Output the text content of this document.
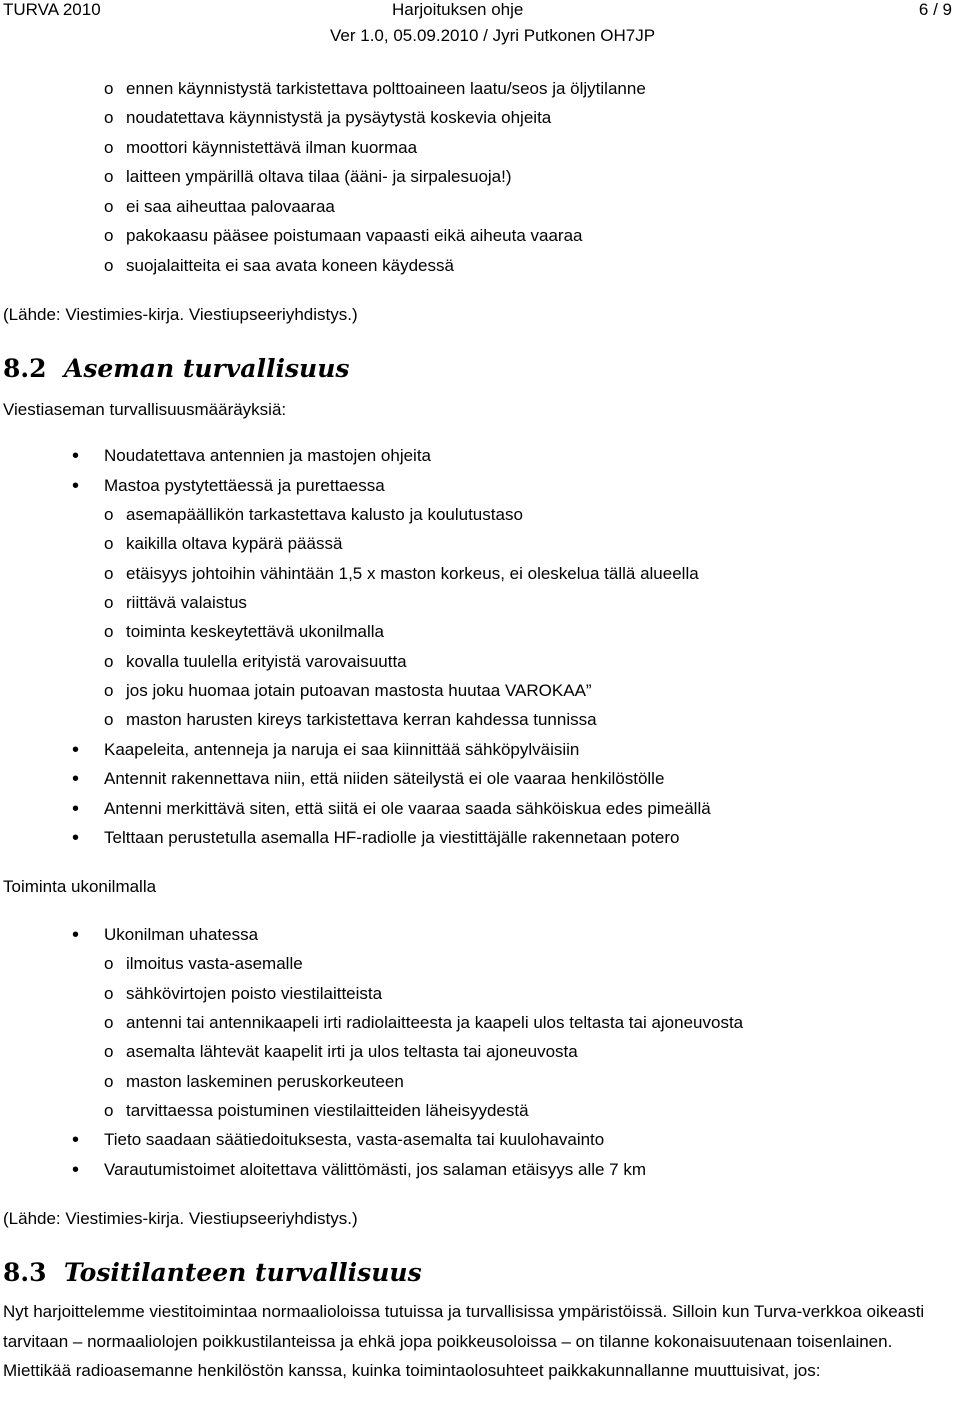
TURVA 2010	Harjoituksen ohje	6 / 9
Ver 1.0, 05.09.2010 / Jyri Putkonen OH7JP
o ennen käynnistystä tarkistettava polttoaineen laatu/seos ja öljytilanne
o noudatettava käynnistystä ja pysäytystä koskevia ohjeita
o moottori käynnistettävä ilman kuormaa
o laitteen ympärillä oltava tilaa (ääni- ja sirpalesuoja!)
o ei saa aiheuttaa palovaaraa
o pakokaasu pääsee poistumaan vapaasti eikä aiheuta vaaraa
o suojalaitteita ei saa avata koneen käydessä
(Lähde: Viestimies-kirja. Viestiupseeriyhdistys.)
8.2 Aseman turvallisuus
Viestiaseman turvallisuusmääräyksiä:
• Noudatettava antennien ja mastojen ohjeita
• Mastoa pystytettäessä ja purettaessa
o asemapäällikön tarkastettava kalusto ja koulutustaso
o kaikilla oltava kypärä päässä
o etäisyys johtoihin vähintään 1,5 x maston korkeus, ei oleskelua tällä alueella
o riittävä valaistus
o toiminta keskeytettävä ukonilmalla
o kovalla tuulella erityistä varovaisuutta
o jos joku huomaa jotain putoavan mastosta huutaa VAROKAA”
o maston harusten kireys tarkistettava kerran kahdessa tunnissa
• Kaapeleita, antenneja ja naruja ei saa kiinnittää sähköpylväisiin
• Antennit rakennettava niin, että niiden säteilystä ei ole vaaraa henkilöstölle
• Antenni merkittävä siten, että siitä ei ole vaaraa saada sähköiskua edes pimeällä
• Telttaan perustetulla asemalla HF-radiolle ja viestittäjälle rakennetaan potero
Toiminta ukonilmalla
• Ukonilman uhatessa
o ilmoitus vasta-asemalle
o sähkövirtojen poisto viestilaitteista
o antenni tai antennikaapeli irti radiolaitteesta ja kaapeli ulos teltasta tai ajoneuvosta
o asemalta lähtevät kaapelit irti ja ulos teltasta tai ajoneuvosta
o maston laskeminen peruskorkeuteen
o tarvittaessa poistuminen viestilaitteiden läheisyydestä
• Tieto saadaan säätiedoituksesta, vasta-asemalta tai kuulohavainto
• Varautumistoimet aloitettava välittömästi, jos salaman etäisyys alle 7 km
(Lähde: Viestimies-kirja. Viestiupseeriyhdistys.)
8.3 Tositilanteen turvallisuus
Nyt harjoittelemme viestitoimintaa normaalioloissa tutuissa ja turvallisissa ympäristöissä. Silloin kun Turva-verkkoa oikeasti tarvitaan – normaaliolojen poikkustilanteissa ja ehkä jopa poikkeusoloissa – on tilanne kokonaisuutenaan toisenlainen. Miettikää radioasemanne henkilöstön kanssa, kuinka toimintaolosuhteet paikkakunnallanne muuttuisivat, jos:
